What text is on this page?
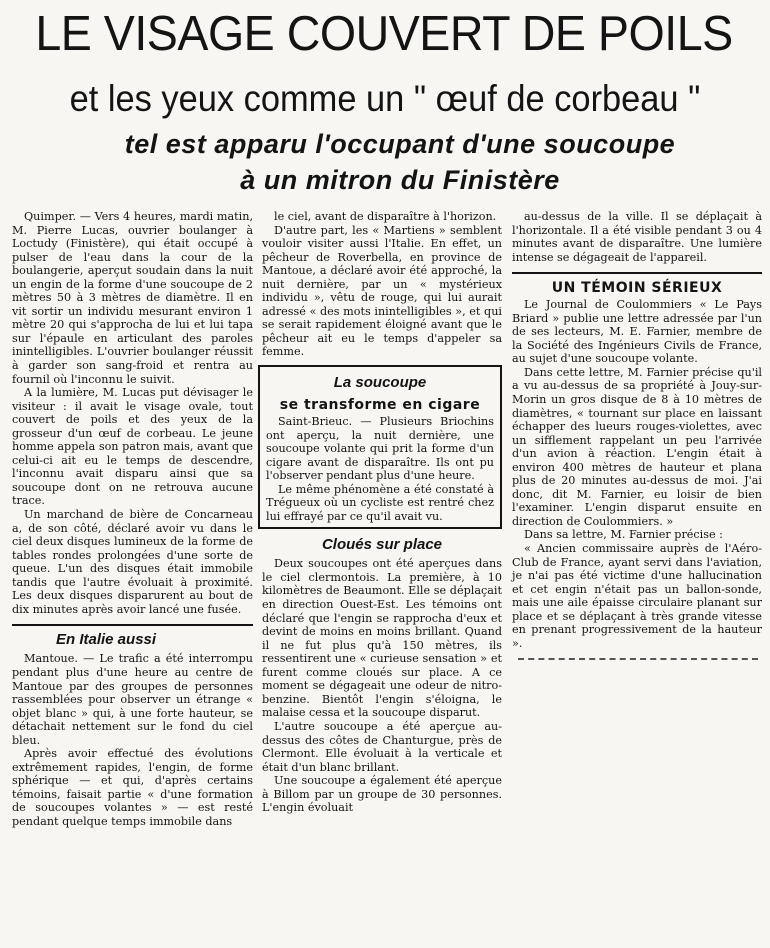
LE VISAGE COUVERT DE POILS
et les yeux comme un " œuf de corbeau "
tel est apparu l'occupant d'une soucoupe
à un mitron du Finistère

Quimper. — Vers 4 heures, mardi matin, M. Pierre Lucas, ouvrier boulanger à Loctudy (Finistère), qui était occupé à pulser de l'eau dans la cour de la boulangerie, aperçut soudain dans la nuit un engin de la forme d'une soucoupe de 2 mètres 50 à 3 mètres de diamètre. Il en vit sortir un individu mesurant environ 1 mètre 20 qui s'approcha de lui et lui tapa sur l'épaule en articulant des paroles inintelligibles. L'ouvrier boulanger réussit à garder son sang-froid et rentra au fournil où l'inconnu le suivit.

A la lumière, M. Lucas put dévisager le visiteur : il avait le visage ovale, tout couvert de poils et des yeux de la grosseur d'un œuf de corbeau. Le jeune homme appela son patron mais, avant que celui-ci ait eu le temps de descendre, l'inconnu avait disparu ainsi que sa soucoupe dont on ne retrouva aucune trace.

Un marchand de bière de Concarneau a, de son côté, déclaré avoir vu dans le ciel deux disques lumineux de la forme de tables rondes prolongées d'une sorte de queue. L'un des disques était immobile tandis que l'autre évoluait à proximité. Les deux disques disparurent au bout de dix minutes après avoir lancé une fusée.

En Italie aussi

Mantoue. — Le trafic a été interrompu pendant plus d'une heure au centre de Mantoue par des groupes de personnes rassemblées pour observer un étrange « objet blanc » qui, à une forte hauteur, se détachait nettement sur le fond du ciel bleu.

Après avoir effectué des évolutions extrêmement rapides, l'engin, de forme sphérique — et qui, d'après certains témoins, faisait partie « d'une formation de soucoupes volantes » — est resté pendant quelque temps immobile dans

le ciel, avant de disparaître à l'horizon.

D'autre part, les « Martiens » semblent vouloir visiter aussi l'Italie. En effet, un pêcheur de Roverbella, en province de Mantoue, a déclaré avoir été approché, la nuit dernière, par un « mystérieux individu », vêtu de rouge, qui lui aurait adressé « des mots inintelligibles », et qui se serait rapidement éloigné avant que le pêcheur ait eu le temps d'appeler sa femme.

La soucoupe

se transforme en cigare

Saint-Brieuc. — Plusieurs Briochins ont aperçu, la nuit dernière, une soucoupe volante qui prit la forme d'un cigare avant de disparaître. Ils ont pu l'observer pendant plus d'une heure.

Le même phénomène a été constaté à Trégueux où un cycliste est rentré chez lui effrayé par ce qu'il avait vu.

Cloués sur place

Deux soucoupes ont été aperçues dans le ciel clermontois. La première, à 10 kilomètres de Beaumont. Elle se déplaçait en direction Ouest-Est. Les témoins ont déclaré que l'engin se rapprocha d'eux et devint de moins en moins brillant. Quand il ne fut plus qu'à 150 mètres, ils ressentirent une « curieuse sensation » et furent comme cloués sur place. A ce moment se dégageait une odeur de nitro-benzine. Bientôt l'engin s'éloigna, le malaise cessa et la soucoupe disparut.

L'autre soucoupe a été aperçue au-dessus des côtes de Chanturgue, près de Clermont. Elle évoluait à la verticale et était d'un blanc brillant.

Une soucoupe a également été aperçue à Billom par un groupe de 30 personnes. L'engin évoluait

au-dessus de la ville. Il se déplaçait à l'horizontale. Il a été visible pendant 3 ou 4 minutes avant de disparaître. Une lumière intense se dégageait de l'appareil.

UN TÉMOIN SÉRIEUX

Le Journal de Coulommiers « Le Pays Briard » publie une lettre adressée par l'un de ses lecteurs, M. E. Farnier, membre de la Société des Ingénieurs Civils de France, au sujet d'une soucoupe volante.

Dans cette lettre, M. Farnier précise qu'il a vu au-dessus de sa propriété à Jouy-sur-Morin un gros disque de 8 à 10 mètres de diamètres, « tournant sur place en laissant échapper des lueurs rouges-violettes, avec un sifflement rappelant un peu l'arrivée d'un avion à réaction. L'engin était à environ 400 mètres de hauteur et plana plus de 20 minutes au-dessus de moi. J'ai donc, dit M. Farnier, eu loisir de bien l'examiner. L'engin disparut ensuite en direction de Coulommiers. »

Dans sa lettre, M. Farnier précise :

« Ancien commissaire auprès de l'Aéro-Club de France, ayant servi dans l'aviation, je n'ai pas été victime d'une hallucination et cet engin n'était pas un ballon-sonde, mais une aile épaisse circulaire planant sur place et se déplaçant à très grande vitesse en prenant progressivement de la hauteur ».
